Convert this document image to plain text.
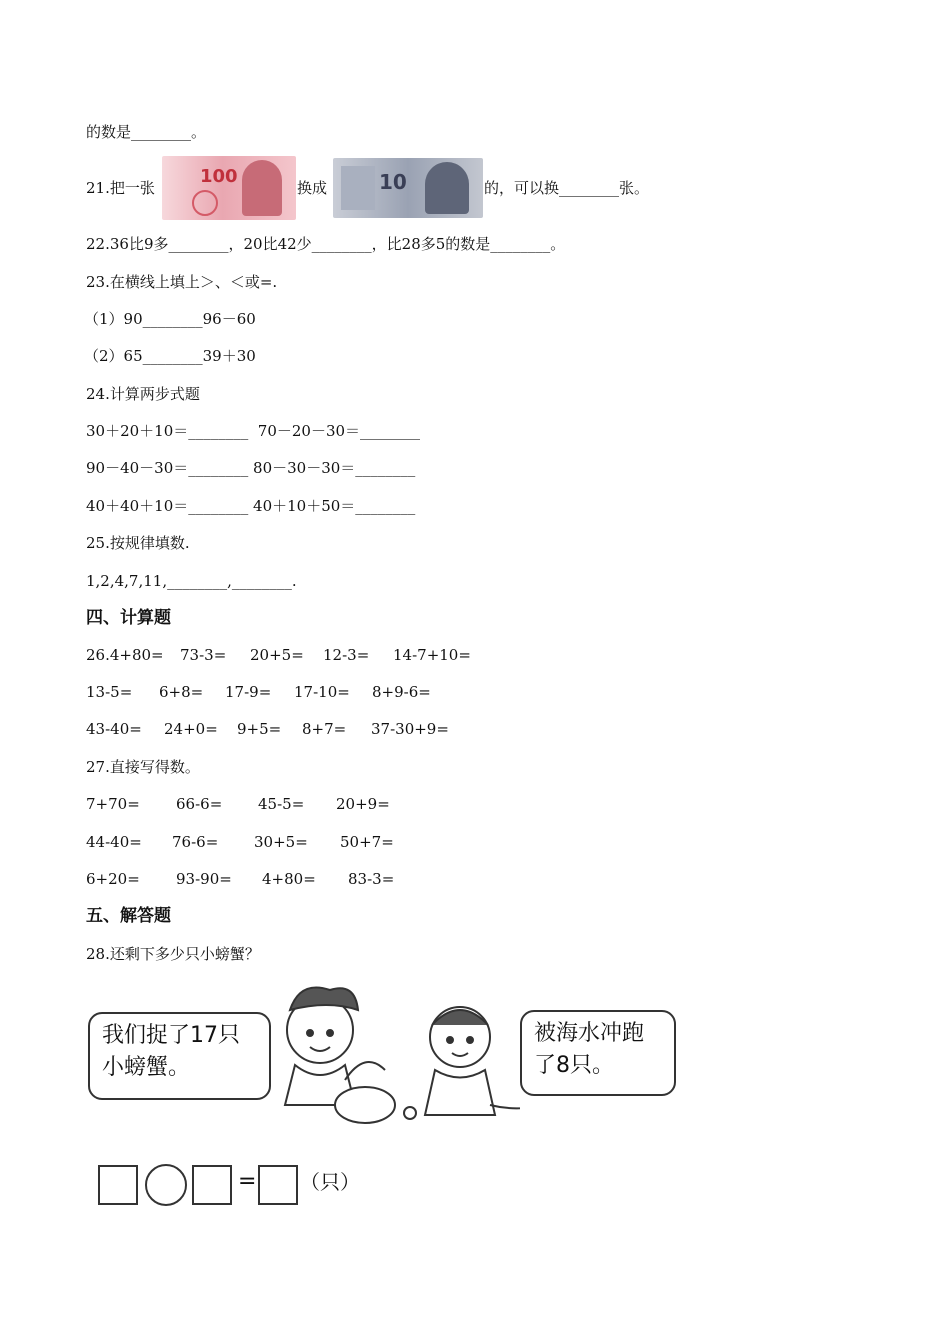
的数是________。
21.把一张
100
换成	10	的，可以换________张。
22.36比9多________，20比42少________，比28多5的数是________。
23.在横线上填上＞、＜或=.
（1）90________96－60
（2）65________39＋30
24.计算两步式题
30＋20＋10＝________  70－20－30＝________
90－40－30＝________ 80－30－30＝________
40＋40＋10＝________ 40＋10＋50＝________
25.按规律填数.
1,2,4,7,11,________,________.
四、计算题
26.4+80= 73-3= 20+5= 12-3= 14-7+10=
13-5= 6+8= 17-9= 17-10= 8+9-6=
43-40= 24+0= 9+5= 8+7= 37-30+9=
27.直接写得数。
7+70= 66-6= 45-5= 20+9=
44-40= 76-6= 30+5= 50+7=
6+20= 93-90= 4+80= 83-3=
五、解答题
28.还剩下多少只小螃蟹？
我们捉了17只
小螃蟹。
被海水冲跑
了8只。
= （只）
